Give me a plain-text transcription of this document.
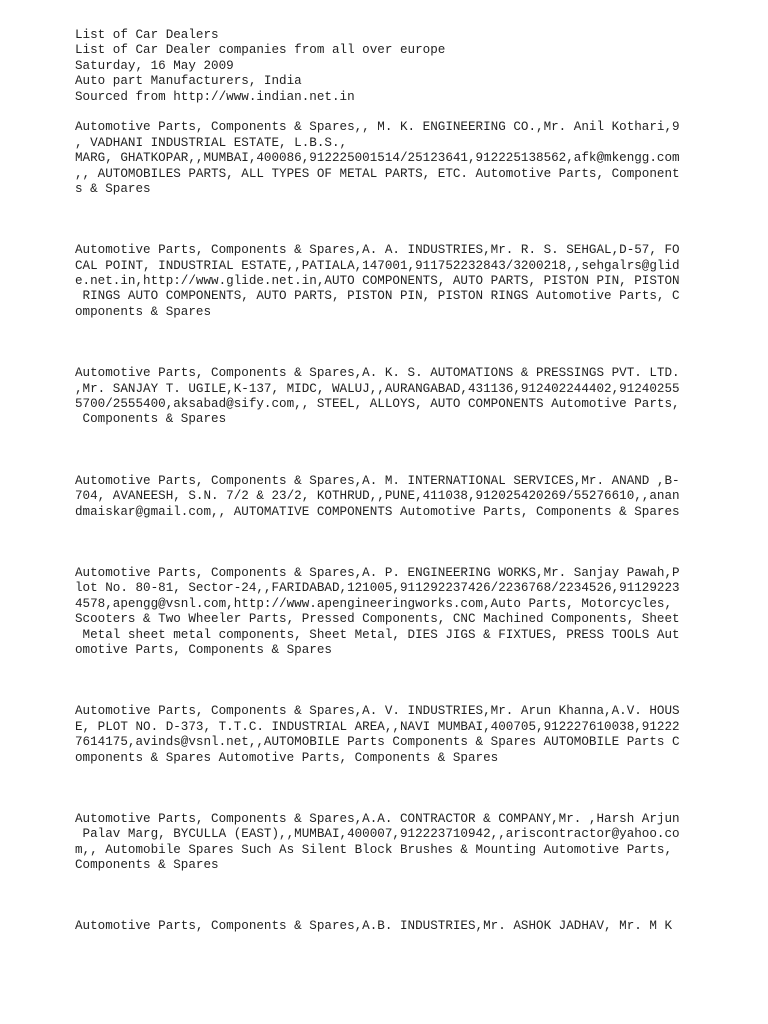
List of Car Dealers
List of Car Dealer companies from all over europe
Saturday, 16 May 2009
Auto part Manufacturers, India
Sourced from http://www.indian.net.in
Automotive Parts, Components & Spares,, M. K. ENGINEERING CO.,Mr. Anil Kothari,9
, VADHANI INDUSTRIAL ESTATE, L.B.S.,
MARG, GHATKOPAR,,MUMBAI,400086,912225001514/25123641,912225138562,afk@mkengg.com
,, AUTOMOBILES PARTS, ALL TYPES OF METAL PARTS, ETC. Automotive Parts, Component
s & Spares
Automotive Parts, Components & Spares,A. A. INDUSTRIES,Mr. R. S. SEHGAL,D-57, FO
CAL POINT, INDUSTRIAL ESTATE,,PATIALA,147001,911752232843/3200218,,sehgalrs@glid
e.net.in,http://www.glide.net.in,AUTO COMPONENTS, AUTO PARTS, PISTON PIN, PISTON
RINGS AUTO COMPONENTS, AUTO PARTS, PISTON PIN, PISTON RINGS Automotive Parts, C
omponents & Spares
Automotive Parts, Components & Spares,A. K. S. AUTOMATIONS & PRESSINGS PVT. LTD.
,Mr. SANJAY T. UGILE,K-137, MIDC, WALUJ,,AURANGABAD,431136,912402244402,91240255
5700/2555400,aksabad@sify.com,, STEEL, ALLOYS, AUTO COMPONENTS Automotive Parts,
Components & Spares
Automotive Parts, Components & Spares,A. M. INTERNATIONAL SERVICES,Mr. ANAND ,B-
704, AVANEESH, S.N. 7/2 & 23/2, KOTHRUD,,PUNE,411038,912025420269/55276610,,anan
dmaiskar@gmail.com,, AUTOMATIVE COMPONENTS Automotive Parts, Components & Spares
Automotive Parts, Components & Spares,A. P. ENGINEERING WORKS,Mr. Sanjay Pawah,P
lot No. 80-81, Sector-24,,FARIDABAD,121005,911292237426/2236768/2234526,91129223
4578,apengg@vsnl.com,http://www.apengineeringworks.com,Auto Parts, Motorcycles,
Scooters & Two Wheeler Parts, Pressed Components, CNC Machined Components, Sheet
Metal sheet metal components, Sheet Metal, DIES JIGS & FIXTUES, PRESS TOOLS Aut
omotive Parts, Components & Spares
Automotive Parts, Components & Spares,A. V. INDUSTRIES,Mr. Arun Khanna,A.V. HOUS
E, PLOT NO. D-373, T.T.C. INDUSTRIAL AREA,,NAVI MUMBAI,400705,912227610038,91222
7614175,avinds@vsnl.net,,AUTOMOBILE Parts Components & Spares AUTOMOBILE Parts C
omponents & Spares Automotive Parts, Components & Spares
Automotive Parts, Components & Spares,A.A. CONTRACTOR & COMPANY,Mr. ,Harsh Arjun
Palav Marg, BYCULLA (EAST),,MUMBAI,400007,912223710942,,ariscontractor@yahoo.co
m,, Automobile Spares Such As Silent Block Brushes & Mounting Automotive Parts,
Components & Spares
Automotive Parts, Components & Spares,A.B. INDUSTRIES,Mr. ASHOK JADHAV, Mr. M K
